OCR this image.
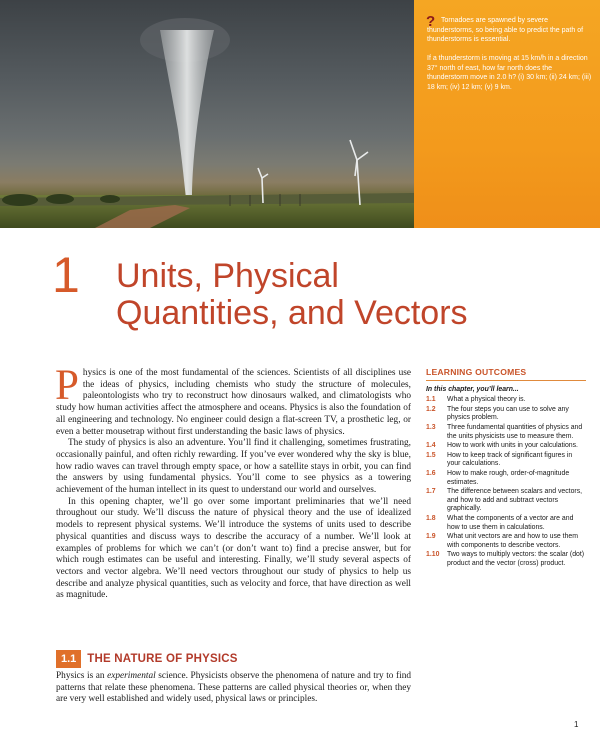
? Tornadoes are spawned by severe thunderstorms, so being able to predict the path of thunderstorms is essential.
If a thunderstorm is moving at 15 km/h in a direction 37° north of east, how far north does the thunderstorm move in 2.0 h? (i) 30 km; (ii) 24 km; (iii) 18 km; (iv) 12 km; (v) 9 km.
1 Units, Physical
Quantities, and Vectors

Physics is one of the most fundamental of the sciences. Scientists of all disciplines use the ideas of physics, including chemists who study the structure of molecules, paleontologists who try to reconstruct how dinosaurs walked, and climatologists who study how human activities affect the atmosphere and oceans. Physics is also the foundation of all engineering and technology. No engineer could design a flat-screen TV, a prosthetic leg, or even a better mousetrap without first understanding the basic laws of physics.

The study of physics is also an adventure. You’ll find it challenging, sometimes frustrating, occasionally painful, and often richly rewarding. If you’ve ever wondered why the sky is blue, how radio waves can travel through empty space, or how a satellite stays in orbit, you can find the answers by using fundamental physics. You’ll come to see physics as a towering achievement of the human intellect in its quest to understand our world and ourselves.

In this opening chapter, we’ll go over some important preliminaries that we’ll need throughout our study. We’ll discuss the nature of physical theory and the use of idealized models to represent physical systems. We’ll introduce the systems of units used to describe physical quantities and discuss ways to describe the accuracy of a number. We’ll look at examples of problems for which we can’t (or don’t want to) find a precise answer, but for which rough estimates can be useful and interesting. Finally, we’ll study several aspects of vectors and vector algebra. We’ll need vectors throughout our study of physics to help us describe and analyze physical quantities, such as velocity and force, that have direction as well as magnitude.

LEARNING OUTCOMES
In this chapter, you’ll learn...
1.1	What a physical theory is.
1.2	The four steps you can use to solve any physics problem.
1.3	Three fundamental quantities of physics and the units physicists use to measure them.
1.4	How to work with units in your calculations.
1.5	How to keep track of significant figures in your calculations.
1.6	How to make rough, order-of-magnitude estimates.
1.7	The difference between scalars and vectors, and how to add and subtract vectors graphically.
1.8	What the components of a vector are and how to use them in calculations.
1.9	What unit vectors are and how to use them with components to describe vectors.
1.10	Two ways to multiply vectors: the scalar (dot) product and the vector (cross) product.
1.1 THE NATURE OF PHYSICS
Physics is an experimental science. Physicists observe the phenomena of nature and try to find patterns that relate these phenomena. These patterns are called physical theories or, when they are very well established and widely used, physical laws or principles.
1
